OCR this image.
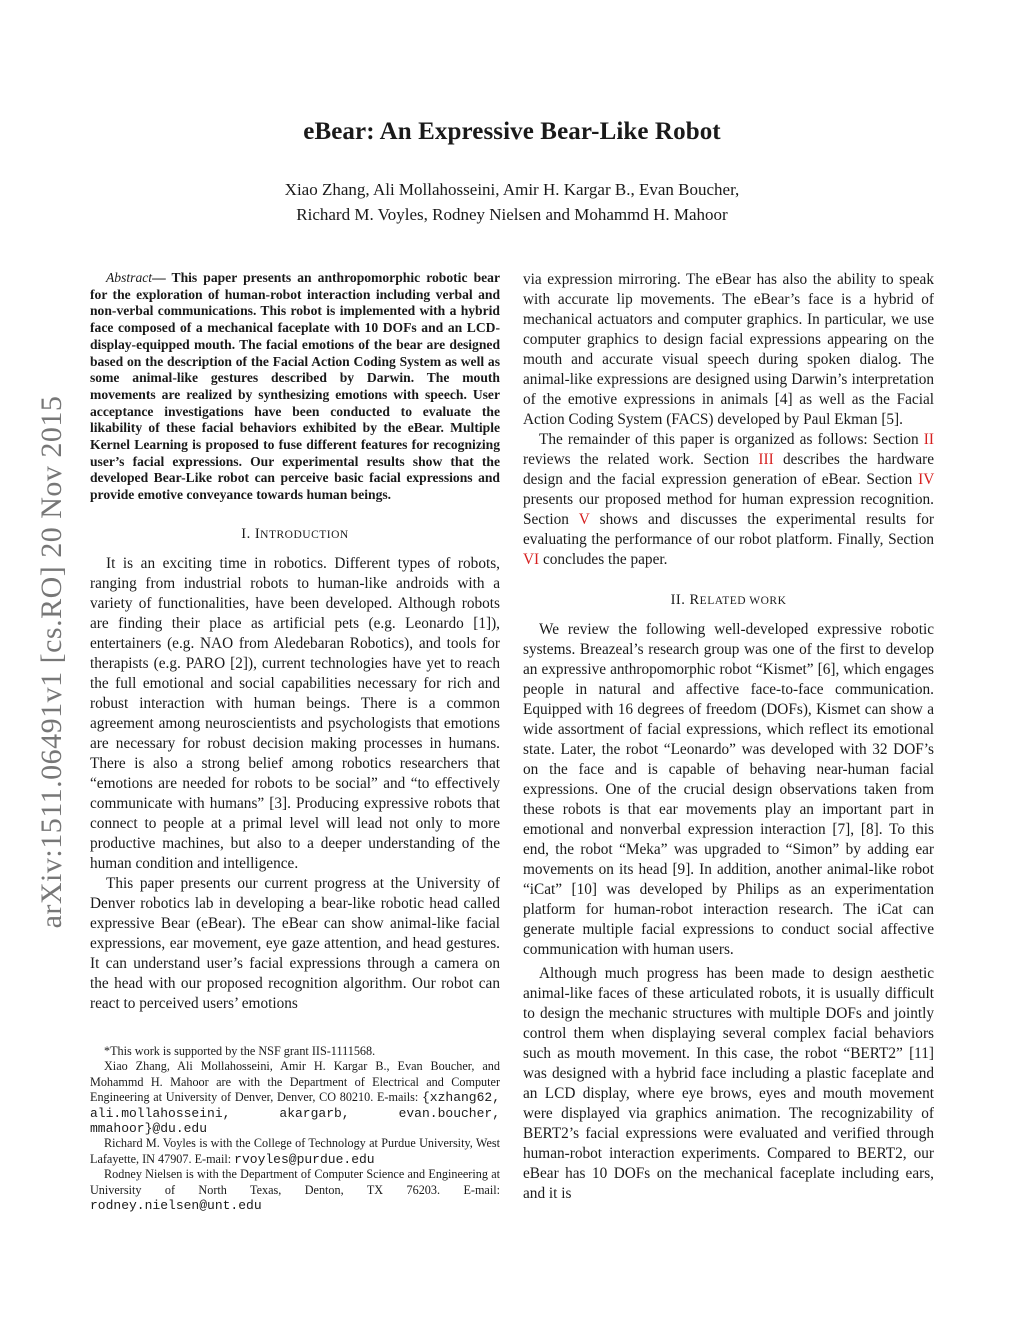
eBear: An Expressive Bear-Like Robot
Xiao Zhang, Ali Mollahosseini, Amir H. Kargar B., Evan Boucher,
Richard M. Voyles, Rodney Nielsen and Mohammd H. Mahoor
arXiv:1511.06491v1 [cs.RO] 20 Nov 2015

Abstract— This paper presents an anthropomorphic robotic bear for the exploration of human-robot interaction including verbal and non-verbal communications. This robot is implemented with a hybrid face composed of a mechanical faceplate with 10 DOFs and an LCD-display-equipped mouth. The facial emotions of the bear are designed based on the description of the Facial Action Coding System as well as some animal-like gestures described by Darwin. The mouth movements are realized by synthesizing emotions with speech. User acceptance investigations have been conducted to evaluate the likability of these facial behaviors exhibited by the eBear. Multiple Kernel Learning is proposed to fuse different features for recognizing user’s facial expressions. Our experimental results show that the developed Bear-Like robot can perceive basic facial expressions and provide emotive conveyance towards human beings.

I. INTRODUCTION

It is an exciting time in robotics. Different types of robots, ranging from industrial robots to human-like androids with a variety of functionalities, have been developed. Although robots are finding their place as artificial pets (e.g. Leonardo [1]), entertainers (e.g. NAO from Aledebaran Robotics), and tools for therapists (e.g. PARO [2]), current technologies have yet to reach the full emotional and social capabilities necessary for rich and robust interaction with human beings. There is a common agreement among neuroscientists and psychologists that emotions are necessary for robust decision making processes in humans. There is also a strong belief among robotics researchers that “emotions are needed for robots to be social” and “to effectively communicate with humans” [3]. Producing expressive robots that connect to people at a primal level will lead not only to more productive machines, but also to a deeper understanding of the human condition and intelligence.

This paper presents our current progress at the University of Denver robotics lab in developing a bear-like robotic head called expressive Bear (eBear). The eBear can show animal-like facial expressions, ear movement, eye gaze attention, and head gestures. It can understand user’s facial expressions through a camera on the head with our proposed recognition algorithm. Our robot can react to perceived users’ emotions

*This work is supported by the NSF grant IIS-1111568.

Xiao Zhang, Ali Mollahosseini, Amir H. Kargar B., Evan Boucher, and Mohammd H. Mahoor are with the Department of Electrical and Computer Engineering at University of Denver, Denver, CO 80210. E-mails: {xzhang62, ali.mollahosseini, akargarb, evan.boucher, mmahoor}@du.edu

Richard M. Voyles is with the College of Technology at Purdue University, West Lafayette, IN 47907. E-mail: rvoyles@purdue.edu

Rodney Nielsen is with the Department of Computer Science and Engineering at University of North Texas, Denton, TX 76203. E-mail: rodney.nielsen@unt.edu

via expression mirroring. The eBear has also the ability to speak with accurate lip movements. The eBear’s face is a hybrid of mechanical actuators and computer graphics. In particular, we use computer graphics to design facial expressions appearing on the mouth and accurate visual speech during spoken dialog. The animal-like expressions are designed using Darwin’s interpretation of the emotive expressions in animals [4] as well as the Facial Action Coding System (FACS) developed by Paul Ekman [5].

The remainder of this paper is organized as follows: Section II reviews the related work. Section III describes the hardware design and the facial expression generation of eBear. Section IV presents our proposed method for human expression recognition. Section V shows and discusses the experimental results for evaluating the performance of our robot platform. Finally, Section VI concludes the paper.

II. RELATED WORK

We review the following well-developed expressive robotic systems. Breazeal’s research group was one of the first to develop an expressive anthropomorphic robot “Kismet” [6], which engages people in natural and affective face-to-face communication. Equipped with 16 degrees of freedom (DOFs), Kismet can show a wide assortment of facial expressions, which reflect its emotional state. Later, the robot “Leonardo” was developed with 32 DOF’s on the face and is capable of behaving near-human facial expressions. One of the crucial design observations taken from these robots is that ear movements play an important part in emotional and nonverbal expression interaction [7], [8]. To this end, the robot “Meka” was upgraded to “Simon” by adding ear movements on its head [9]. In addition, another animal-like robot “iCat” [10] was developed by Philips as an experimentation platform for human-robot interaction research. The iCat can generate multiple facial expressions to conduct social affective communication with human users.

Although much progress has been made to design aesthetic animal-like faces of these articulated robots, it is usually difficult to design the mechanic structures with multiple DOFs and jointly control them when displaying several complex facial behaviors such as mouth movement. In this case, the robot “BERT2” [11] was designed with a hybrid face including a plastic faceplate and an LCD display, where eye brows, eyes and mouth movement were displayed via graphics animation. The recognizability of BERT2’s facial expressions were evaluated and verified through human-robot interaction experiments. Compared to BERT2, our eBear has 10 DOFs on the mechanical faceplate including ears, and it is
